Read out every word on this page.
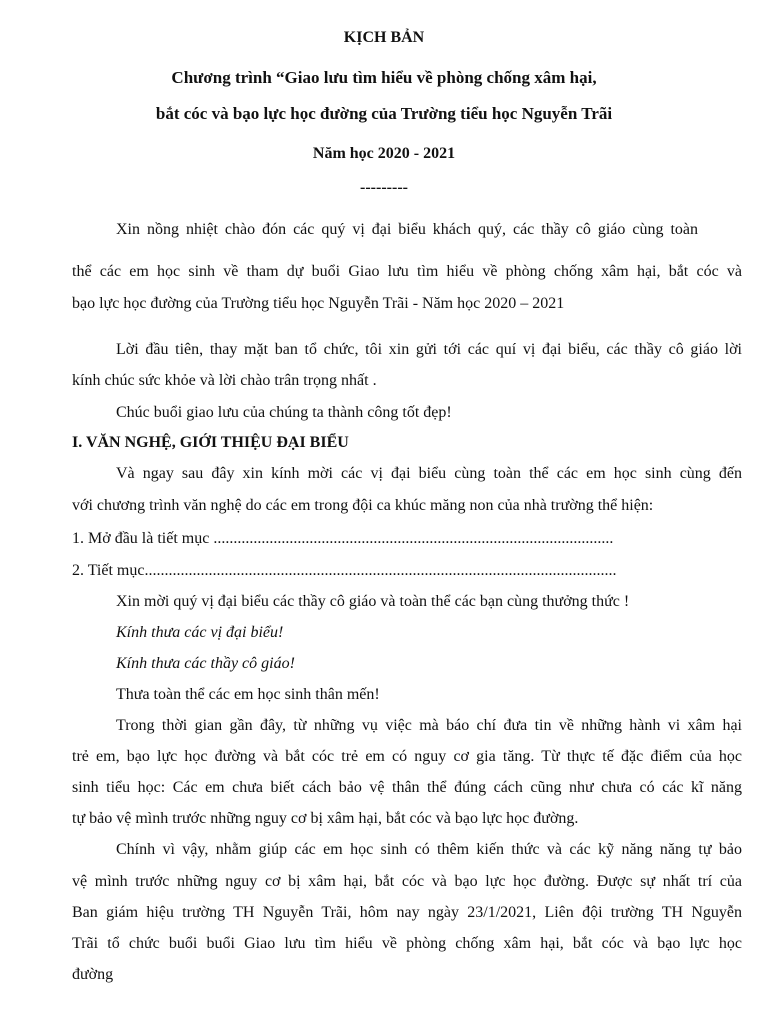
KỊCH BẢN
Chương trình “Giao lưu tìm hiểu về phòng chống xâm hại,
bắt cóc và bạo lực học đường của Trường tiểu học Nguyễn Trãi
Năm học 2020 - 2021
---------
Xin nồng nhiệt chào đón các quý vị đại biểu khách quý, các thầy cô giáo cùng toàn
thể các em học sinh về tham dự buổi Giao lưu tìm hiểu về phòng chống xâm hại, bắt cóc và
bạo lực học đường của Trường tiểu học Nguyễn Trãi - Năm học 2020 – 2021
Lời đầu tiên, thay mặt ban tổ chức, tôi xin gửi tới các quí vị đại biểu, các thầy cô giáo lời
kính chúc sức khỏe và lời chào trân trọng nhất .
Chúc buổi giao lưu của chúng ta thành công tốt đẹp!
I. VĂN NGHỆ, GIỚI THIỆU ĐẠI BIỂU
Và ngay sau đây xin kính mời các vị đại biểu cùng toàn thể các em học sinh cùng đến
với chương trình văn nghệ do các em trong đội ca khúc măng non của nhà trường thể hiện:
1. Mở đầu là tiết mục ....................................................................................................
2. Tiết mục......................................................................................................................
Xin mời quý vị đại biểu các thầy cô giáo và toàn thể các bạn cùng thưởng thức !
Kính thưa các vị đại biểu!
Kính thưa các thầy cô giáo!
Thưa toàn thể các em học sinh thân mến!
Trong thời gian gần đây, từ những vụ việc mà báo chí đưa tin về những hành vi xâm hại
trẻ em, bạo lực học đường và bắt cóc trẻ em có nguy cơ gia tăng. Từ thực tế đặc điểm của học
sinh tiểu học: Các em chưa biết cách bảo vệ thân thể đúng cách cũng như chưa có các kĩ năng
tự bảo vệ mình trước những nguy cơ bị xâm hại, bắt cóc và bạo lực học đường.
Chính vì vậy, nhằm giúp các em học sinh có thêm kiến thức và các kỹ năng năng tự bảo
vệ mình trước những nguy cơ bị xâm hại, bắt cóc và bạo lực học đường. Được sự nhất trí của
Ban giám hiệu trường TH Nguyễn Trãi, hôm nay ngày 23/1/2021, Liên đội trường TH Nguyễn
Trãi tổ chức buổi buổi Giao lưu tìm hiểu về phòng chống xâm hại, bắt cóc và bạo lực học
đường
